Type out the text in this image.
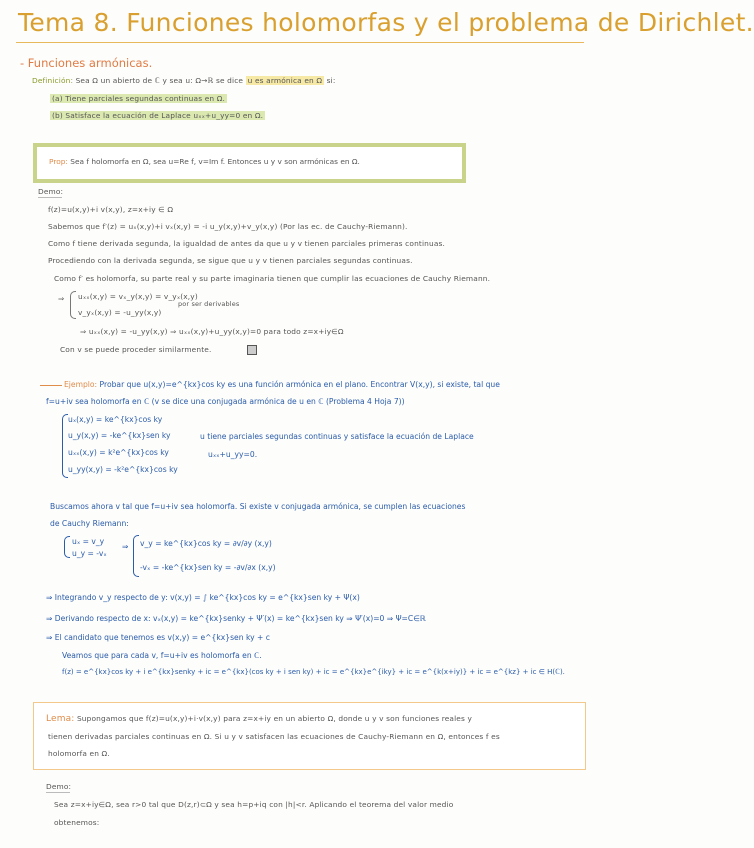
Tema 8. Funciones holomorfas y el problema de Dirichlet.
- Funciones armónicas.
Definición: Sea Ω un abierto de ℂ y sea u: Ω→ℝ se dice u es armónica en Ω si:
(a) Tiene parciales segundas continuas en Ω.
(b) Satisface la ecuación de Laplace uₓₓ+u_yy=0 en Ω.
Prop: Sea f holomorfa en Ω, sea u=Re f, v=Im f. Entonces u y v son armónicas en Ω.
Demo:
f(z)=u(x,y)+i v(x,y), z=x+iy ∈ Ω
Sabemos que f′(z) = uₓ(x,y)+i vₓ(x,y) = -i u_y(x,y)+v_y(x,y) (Por las ec. de Cauchy-Riemann).
Como f tiene derivada segunda, la igualdad de antes da que u y v tienen parciales primeras continuas.
Procediendo con la derivada segunda, se sigue que u y v tienen parciales segundas continuas.
Como f′ es holomorfa, su parte real y su parte imaginaria tienen que cumplir las ecuaciones de Cauchy Riemann.
⇒ uₓₓ(x,y) = vₓ_y(x,y) = v_yₓ(x,y)
v_yₓ(x,y) = -u_yy(x,y)
por ser derivables
⇒ uₓₓ(x,y) = -u_yy(x,y) ⇒ uₓₓ(x,y)+u_yy(x,y)=0 para todo z=x+iy∈Ω
Con v se puede proceder similarmente.
Ejemplo: Probar que u(x,y)=e^{kx}cos ky es una función armónica en el plano. Encontrar V(x,y), si existe, tal que
f=u+iv sea holomorfa en ℂ (v se dice una conjugada armónica de u en ℂ (Problema 4 Hoja 7))
uₓ(x,y) = ke^{kx}cos ky
u_y(x,y) = -ke^{kx}sen ky
uₓₓ(x,y) = k²e^{kx}cos ky
u_yy(x,y) = -k²e^{kx}cos ky
u tiene parciales segundas continuas y satisface la ecuación de Laplace
uₓₓ+u_yy=0.
Buscamos ahora v tal que f=u+iv sea holomorfa. Si existe v conjugada armónica, se cumplen las ecuaciones
de Cauchy Riemann:
uₓ = v_y
u_y = -vₓ
⇒ v_y = ke^{kx}cos ky = ∂v/∂y (x,y)
-vₓ = -ke^{kx}sen ky = -∂v/∂x (x,y)
⇒ Integrando v_y respecto de y: v(x,y) = ∫ ke^{kx}cos ky = e^{kx}sen ky + Ψ(x)
⇒ Derivando respecto de x: vₓ(x,y) = ke^{kx}senky + Ψ′(x) = ke^{kx}sen ky ⇒ Ψ′(x)=0 ⇒ Ψ=C∈ℝ
⇒ El candidato que tenemos es v(x,y) = e^{kx}sen ky + c
Veamos que para cada v, f=u+iv es holomorfa en ℂ.
f(z) = e^{kx}cos ky + i e^{kx}senky + ic = e^{kx}(cos ky + i sen ky) + ic = e^{kx}e^{iky} + ic = e^{k(x+iy)} + ic = e^{kz} + ic ∈ H(ℂ).
Lema: Supongamos que f(z)=u(x,y)+i·v(x,y) para z=x+iy en un abierto Ω, donde u y v son funciones reales y
tienen derivadas parciales continuas en Ω. Si u y v satisfacen las ecuaciones de Cauchy-Riemann en Ω, entonces f es
holomorfa en Ω.
Demo:
Sea z=x+iy∈Ω, sea r>0 tal que D(z,r)⊂Ω y sea h=p+iq con |h|<r. Aplicando el teorema del valor medio
obtenemos:
